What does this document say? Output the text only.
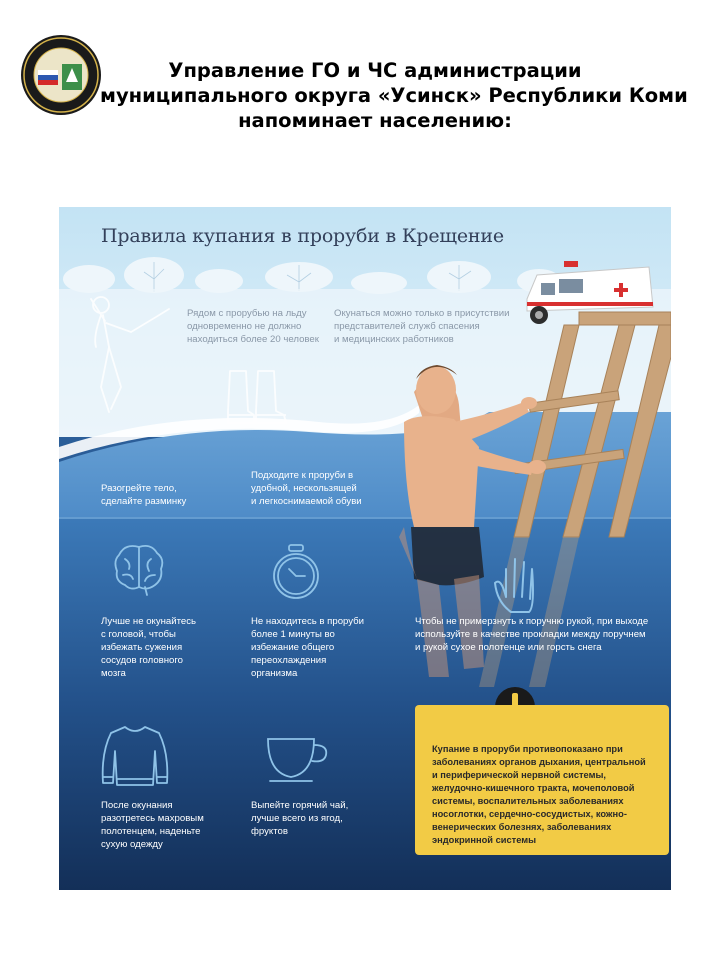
Управление ГО и ЧС администрации
муниципального округа «Усинск» Республики Коми
напоминает населению:
Правила купания в проруби в Крещение
Рядом с прорубью на льду
одновременно не должно
находиться более 20 человек
Окунаться можно только в присутствии
представителей служб спасения
и медицинских работников
Разогрейте тело,
сделайте разминку
Подходите к проруби в
удобной, нескользящей
и легкоснимаемой обуви
Лучше не окунайтесь
с головой, чтобы
избежать сужения
сосудов головного
мозга
Не находитесь в проруби
более 1 минуты во
избежание общего
переохлаждения
организма
Чтобы не примерзнуть к поручню рукой, при выходе
используйте в качестве прокладки между поручнем
и рукой сухое полотенце или горсть снега
После окунания
разотретесь махровым
полотенцем, наденьте
сухую одежду
Выпейте горячий чай,
лучше всего из ягод,
фруктов
Купание в проруби противопоказано при
заболеваниях органов дыхания, центральной
и периферической нервной системы,
желудочно-кишечного тракта, мочеполовой
системы, воспалительных заболеваниях
носоглотки, сердечно-сосудистых, кожно-
венерических болезнях, заболеваниях
эндокринной системы
